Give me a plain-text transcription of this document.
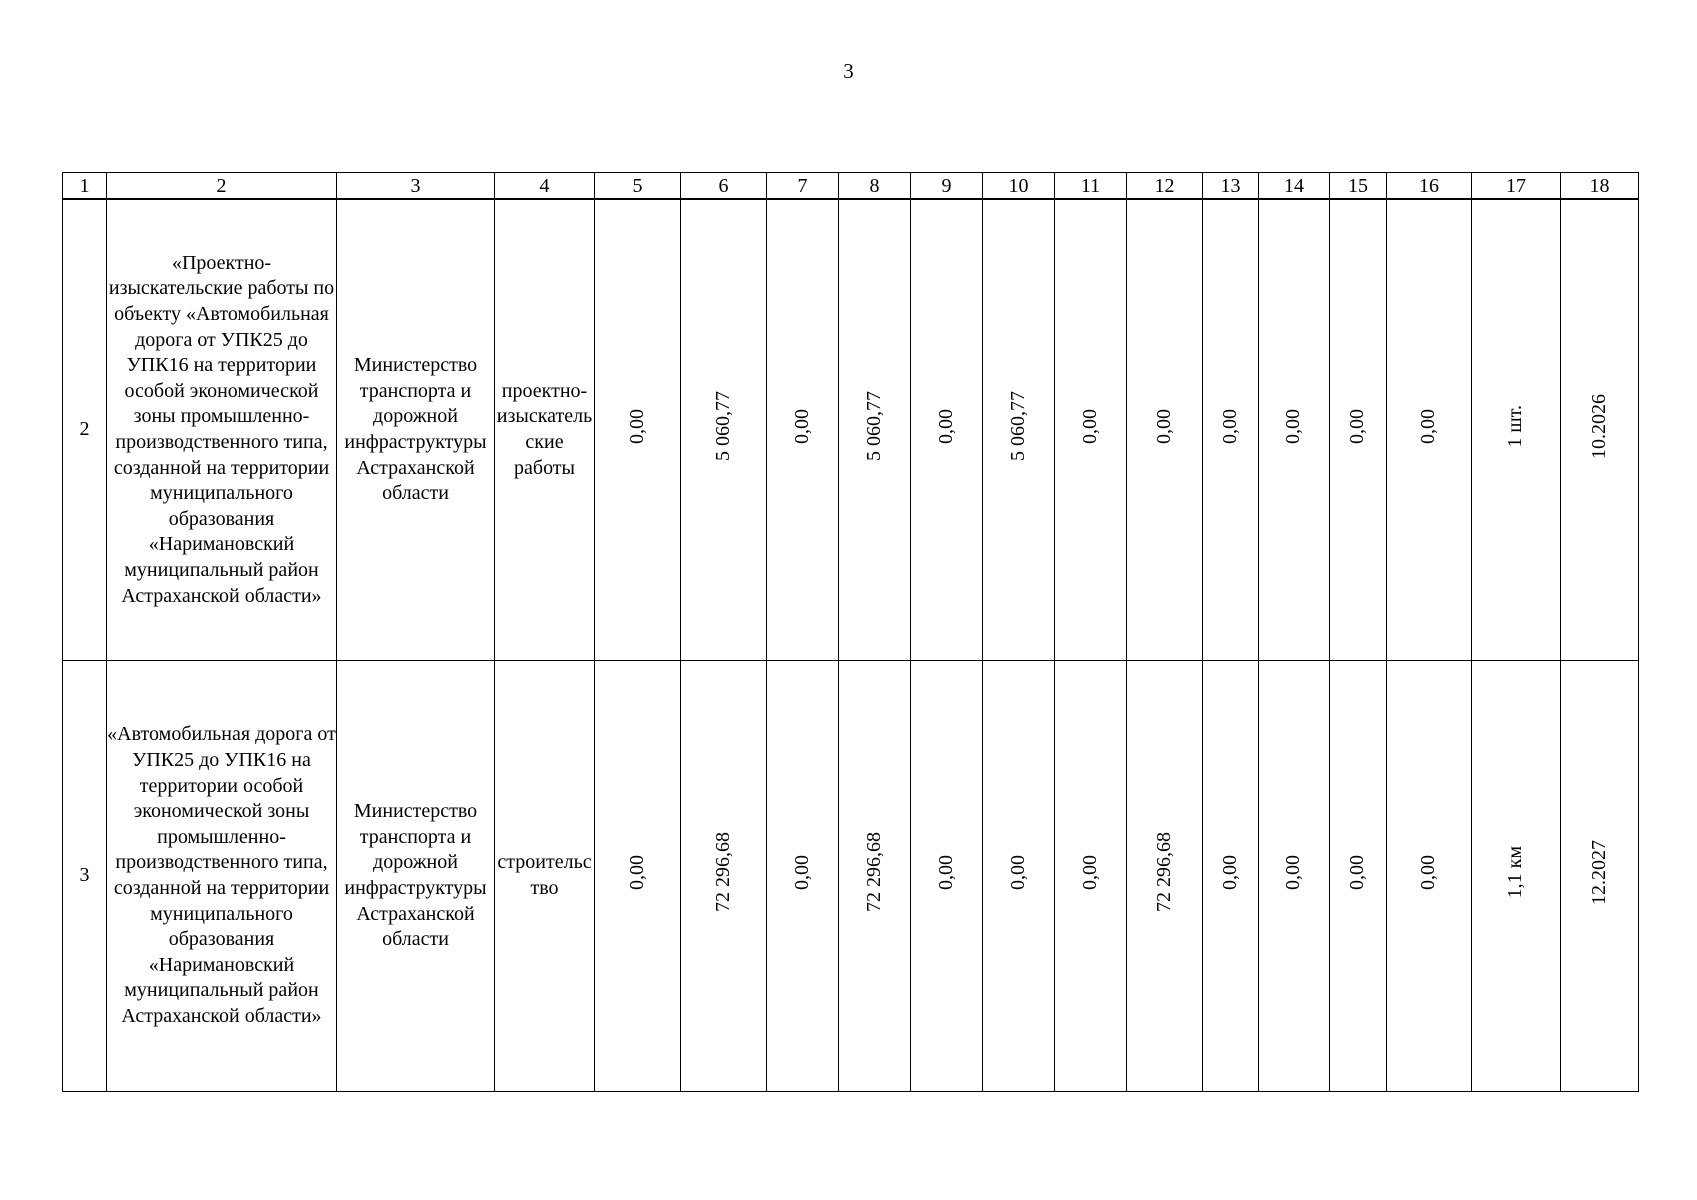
3
1	2	3	4	5	6	7	8	9	10	11	12	13	14	15	16	17	18
2	«Проектно-изыскательские работы по объекту «Автомобильная дорога от УПК25 до УПК16 на территории особой экономической зоны промышленно-производственного типа, созданной на территории муниципального образования «Наримановский муниципальный район Астраханской области»	Министерство транспорта и дорожной инфраструктуры Астраханской области	проектно-изыскательские работы	0,00	5 060,77	0,00	5 060,77	0,00	5 060,77	0,00	0,00	0,00	0,00	0,00	0,00	1 шт.	10.2026
3	«Автомобильная дорога от УПК25 до УПК16 на территории особой экономической зоны промышленно-производственного типа, созданной на территории муниципального образования «Наримановский муниципальный район Астраханской области»	Министерство транспорта и дорожной инфраструктуры Астраханской области	строительство	0,00	72 296,68	0,00	72 296,68	0,00	0,00	0,00	72 296,68	0,00	0,00	0,00	0,00	1,1 км	12.2027
